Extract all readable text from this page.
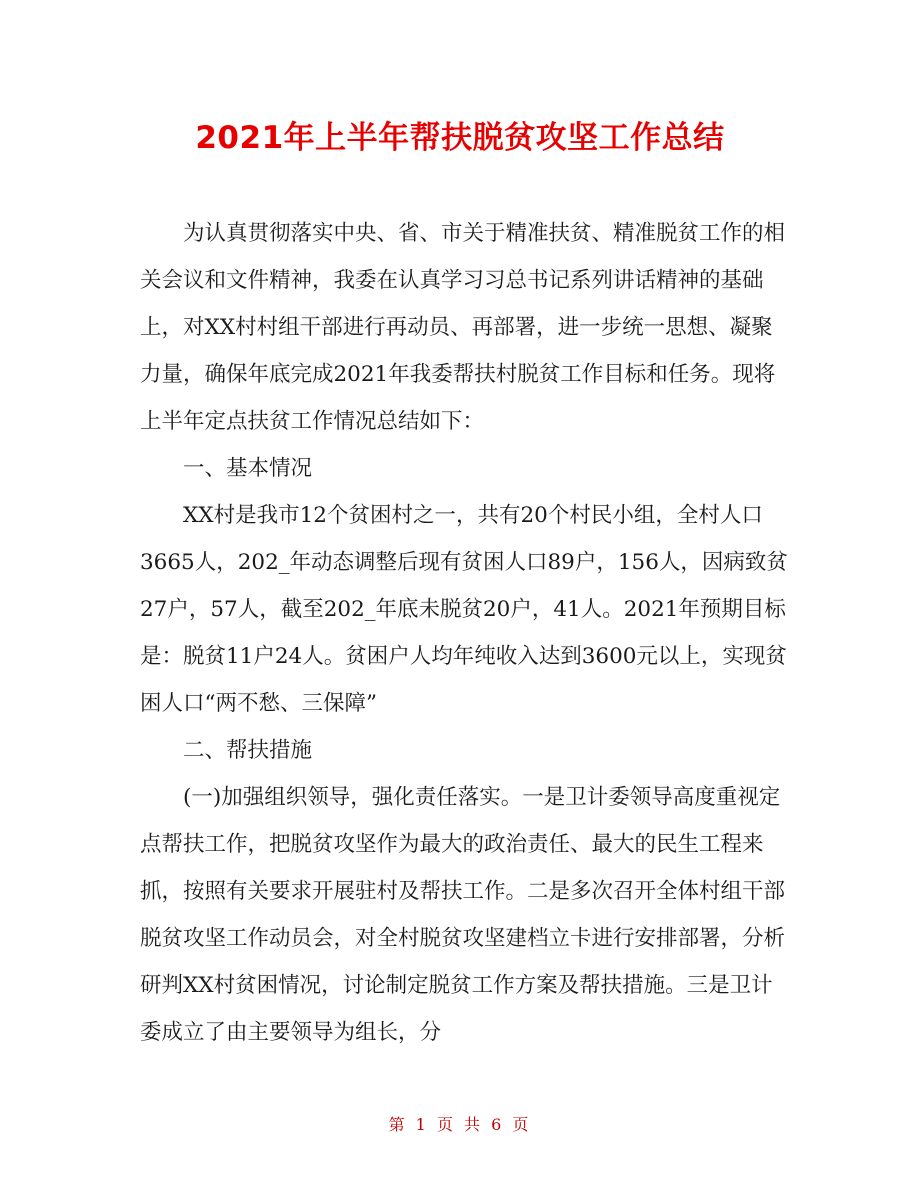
2021年上半年帮扶脱贫攻坚工作总结

为认真贯彻落实中央、省、市关于精准扶贫、精准脱贫工作的相关会议和文件精神，我委在认真学习习总书记系列讲话精神的基础上，对XX村村组干部进行再动员、再部署，进一步统一思想、凝聚力量，确保年底完成2021年我委帮扶村脱贫工作目标和任务。现将上半年定点扶贫工作情况总结如下：

一、基本情况

XX村是我市12个贫困村之一，共有20个村民小组，全村人口3665人，202_年动态调整后现有贫困人口89户，156人，因病致贫27户，57人，截至202_年底未脱贫20户，41人。2021年预期目标是：脱贫11户24人。贫困户人均年纯收入达到3600元以上，实现贫困人口“两不愁、三保障”

二、帮扶措施

(一)加强组织领导，强化责任落实。一是卫计委领导高度重视定点帮扶工作，把脱贫攻坚作为最大的政治责任、最大的民生工程来抓，按照有关要求开展驻村及帮扶工作。二是多次召开全体村组干部脱贫攻坚工作动员会，对全村脱贫攻坚建档立卡进行安排部署，分析研判XX村贫困情况，讨论制定脱贫工作方案及帮扶措施。三是卫计委成立了由主要领导为组长，分

第 1 页 共 6 页
